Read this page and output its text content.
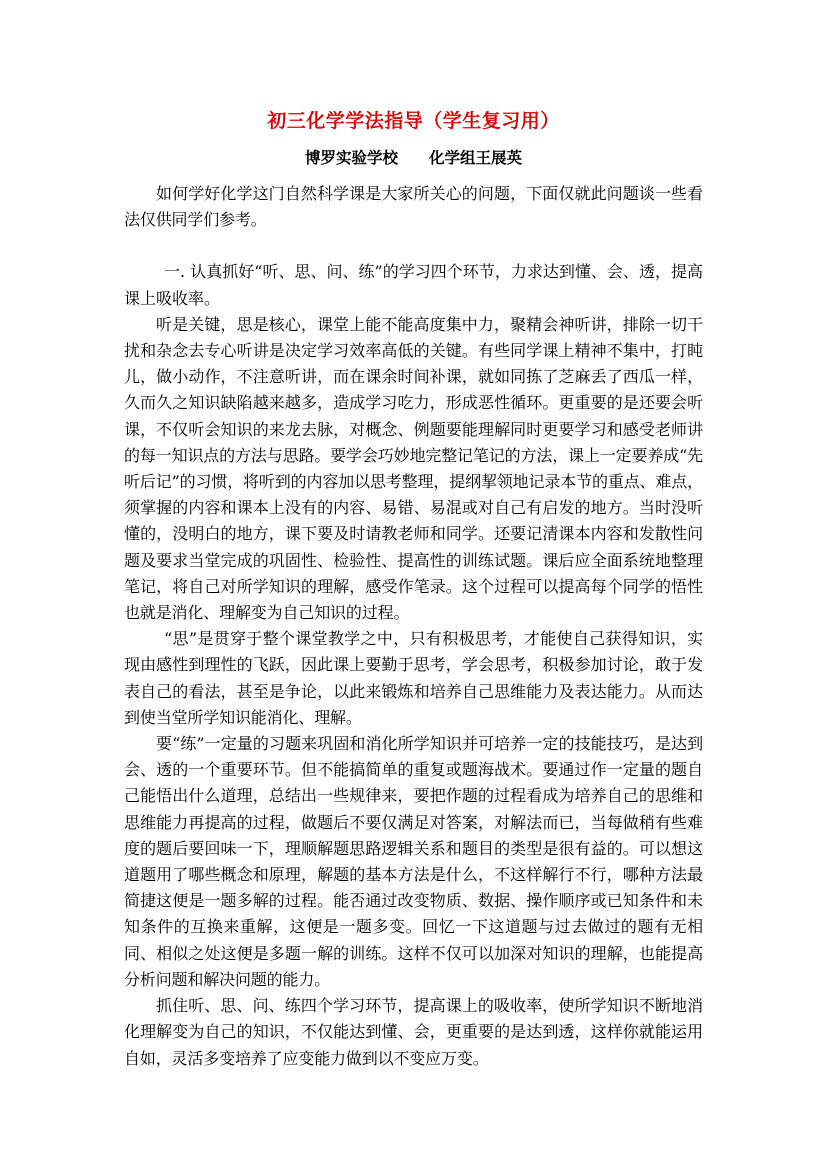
初三化学学法指导（学生复习用）
博罗实验学校　　化学组王展英

如何学好化学这门自然科学课是大家所关心的问题，下面仅就此问题谈一些看法仅供同学们参考。

一. 认真抓好“听、思、问、练”的学习四个环节，力求达到懂、会、透，提高课上吸收率。

听是关键，思是核心，课堂上能不能高度集中力，聚精会神听讲，排除一切干扰和杂念去专心听讲是决定学习效率高低的关键。有些同学课上精神不集中，打盹儿，做小动作，不注意听讲，而在课余时间补课，就如同拣了芝麻丢了西瓜一样，久而久之知识缺陷越来越多，造成学习吃力，形成恶性循环。更重要的是还要会听课，不仅听会知识的来龙去脉，对概念、例题要能理解同时更要学习和感受老师讲的每一知识点的方法与思路。要学会巧妙地完整记笔记的方法，课上一定要养成“先听后记”的习惯，将听到的内容加以思考整理，提纲挈领地记录本节的重点、难点，须掌握的内容和课本上没有的内容、易错、易混或对自己有启发的地方。当时没听懂的，没明白的地方，课下要及时请教老师和同学。还要记清课本内容和发散性问题及要求当堂完成的巩固性、检验性、提高性的训练试题。课后应全面系统地整理笔记，将自己对所学知识的理解，感受作笔录。这个过程可以提高每个同学的悟性也就是消化、理解变为自己知识的过程。

“思”是贯穿于整个课堂教学之中，只有积极思考，才能使自己获得知识，实现由感性到理性的飞跃，因此课上要勤于思考，学会思考，积极参加讨论，敢于发表自己的看法，甚至是争论，以此来锻炼和培养自己思维能力及表达能力。从而达到使当堂所学知识能消化、理解。

要“练”一定量的习题来巩固和消化所学知识并可培养一定的技能技巧，是达到会、透的一个重要环节。但不能搞简单的重复或题海战术。要通过作一定量的题自己能悟出什么道理，总结出一些规律来，要把作题的过程看成为培养自己的思维和思维能力再提高的过程，做题后不要仅满足对答案，对解法而已，当每做稍有些难度的题后要回味一下，理顺解题思路逻辑关系和题目的类型是很有益的。可以想这道题用了哪些概念和原理，解题的基本方法是什么，不这样解行不行，哪种方法最简捷这便是一题多解的过程。能否通过改变物质、数据、操作顺序或已知条件和未知条件的互换来重解，这便是一题多变。回忆一下这道题与过去做过的题有无相同、相似之处这便是多题一解的训练。这样不仅可以加深对知识的理解，也能提高分析问题和解决问题的能力。

抓住听、思、问、练四个学习环节，提高课上的吸收率，使所学知识不断地消化理解变为自己的知识，不仅能达到懂、会，更重要的是达到透，这样你就能运用自如，灵活多变培养了应变能力做到以不变应万变。
